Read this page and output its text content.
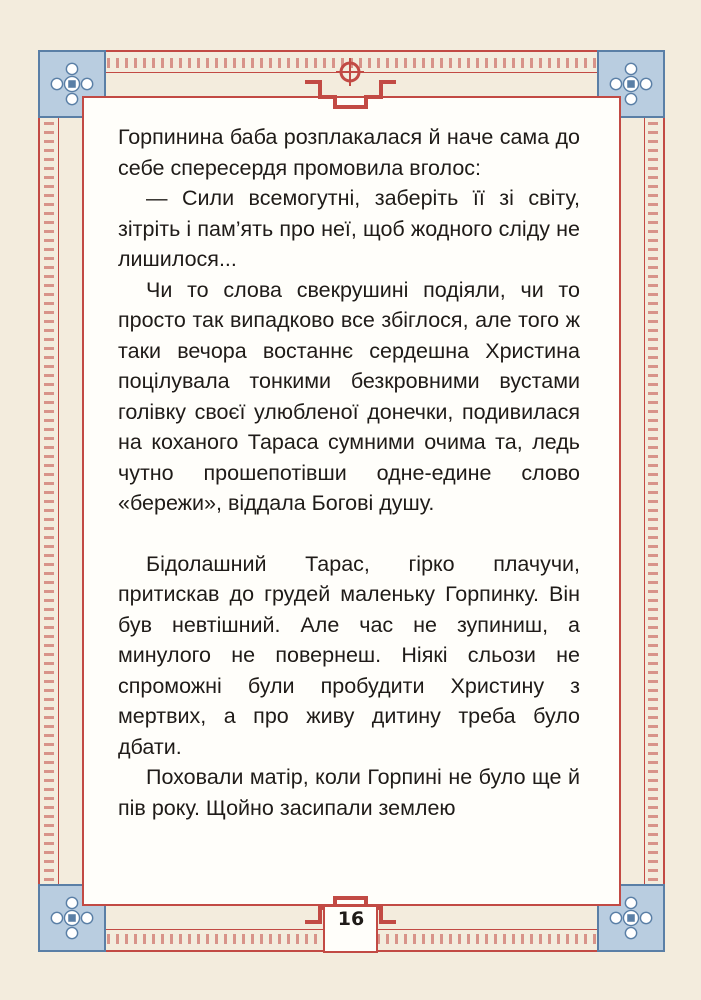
Горпинина баба розплакалася й наче сама до себе спересердя промовила вголос:

— Сили всемогутні, заберіть її зі світу, зітріть і пам’ять про неї, щоб жодного сліду не лишилося...

Чи то слова свекрушині подіяли, чи то просто так випадково все збіглося, але того ж таки вечора востаннє сердешна Христина поцілувала тонкими безкровними вустами голівку своєї улюбленої донечки, подивилася на коханого Тараса сумними очима та, ледь чутно прошепотівши одне-едине слово «бережи», віддала Богові душу.

Бідолашний Тарас, гірко плачучи, притискав до грудей маленьку Горпинку. Він був невтішний. Але час не зупиниш, а минулого не повернеш. Ніякі сльози не спроможні були пробудити Христину з мертвих, а про живу дитину треба було дбати.

Поховали матір, коли Горпині не було ще й пів року. Щойно засипали землею

16
